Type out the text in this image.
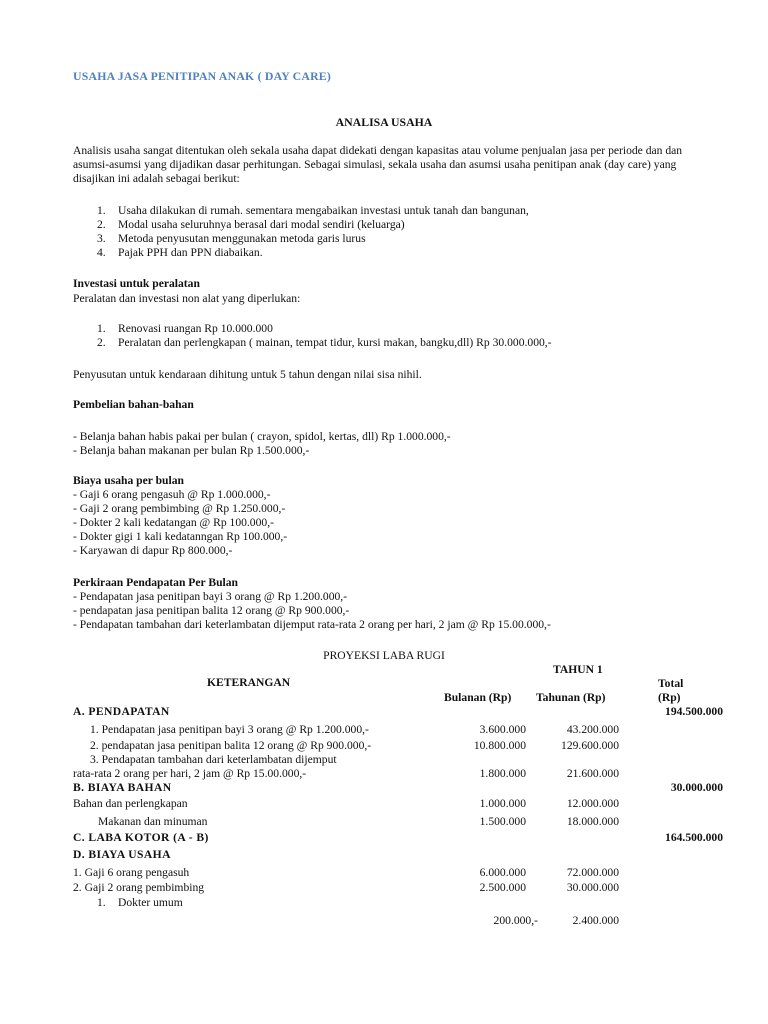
USAHA JASA PENITIPAN ANAK ( DAY CARE)
ANALISA USAHA
Analisis usaha sangat ditentukan oleh sekala usaha dapat didekati dengan kapasitas atau volume penjualan jasa per periode dan dan asumsi-asumsi yang dijadikan dasar perhitungan. Sebagai simulasi, sekala usaha dan asumsi usaha penitipan anak (day care) yang disajikan ini adalah sebagai berikut:
1. Usaha dilakukan di rumah. sementara mengabaikan investasi untuk tanah dan bangunan,
2. Modal usaha seluruhnya berasal dari modal sendiri (keluarga)
3. Metoda penyusutan menggunakan metoda garis lurus
4. Pajak PPH dan PPN diabaikan.
Investasi untuk peralatan
Peralatan dan investasi non alat yang diperlukan:
1. Renovasi ruangan Rp 10.000.000
2. Peralatan dan perlengkapan ( mainan, tempat tidur, kursi makan, bangku,dll) Rp 30.000.000,-
Penyusutan untuk kendaraan dihitung untuk 5 tahun dengan nilai sisa nihil.
Pembelian bahan-bahan
- Belanja bahan habis pakai per bulan ( crayon, spidol, kertas, dll) Rp 1.000.000,-
- Belanja bahan makanan per bulan Rp 1.500.000,-
Biaya usaha per bulan
- Gaji 6 orang pengasuh @ Rp 1.000.000,-
- Gaji 2 orang pembimbing @ Rp 1.250.000,-
- Dokter 2 kali kedatangan @ Rp 100.000,-
- Dokter gigi 1 kali kedatanngan Rp 100.000,-
- Karyawan di dapur Rp 800.000,-
Perkiraan Pendapatan Per Bulan
- Pendapatan jasa penitipan bayi 3 orang @ Rp 1.200.000,-
- pendapatan jasa penitipan balita 12 orang @ Rp 900.000,-
- Pendapatan tambahan dari keterlambatan dijemput rata-rata 2 orang per hari, 2 jam @ Rp 15.00.000,-
PROYEKSI LABA RUGI
TAHUN 1
KETERANGAN	Total
Bulanan (Rp) Tahunan (Rp)	(Rp)
A. PENDAPATAN	194.500.000
1. Pendapatan jasa penitipan bayi 3 orang @ Rp 1.200.000,-	3.600.000	43.200.000
2. pendapatan jasa penitipan balita 12 orang @ Rp 900.000,-	10.800.000	129.600.000
3. Pendapatan tambahan dari keterlambatan dijemput
rata-rata 2 orang per hari, 2 jam @ Rp 15.00.000,-	1.800.000	21.600.000
B. BIAYA BAHAN	30.000.000
Bahan dan perlengkapan	1.000.000	12.000.000
Makanan dan minuman	1.500.000	18.000.000
C. LABA KOTOR (A - B)	164.500.000
D. BIAYA USAHA
1. Gaji 6 orang pengasuh	6.000.000	72.000.000
2. Gaji 2 orang pembimbing	2.500.000	30.000.000
1. Dokter umum
200.000,-	2.400.000
